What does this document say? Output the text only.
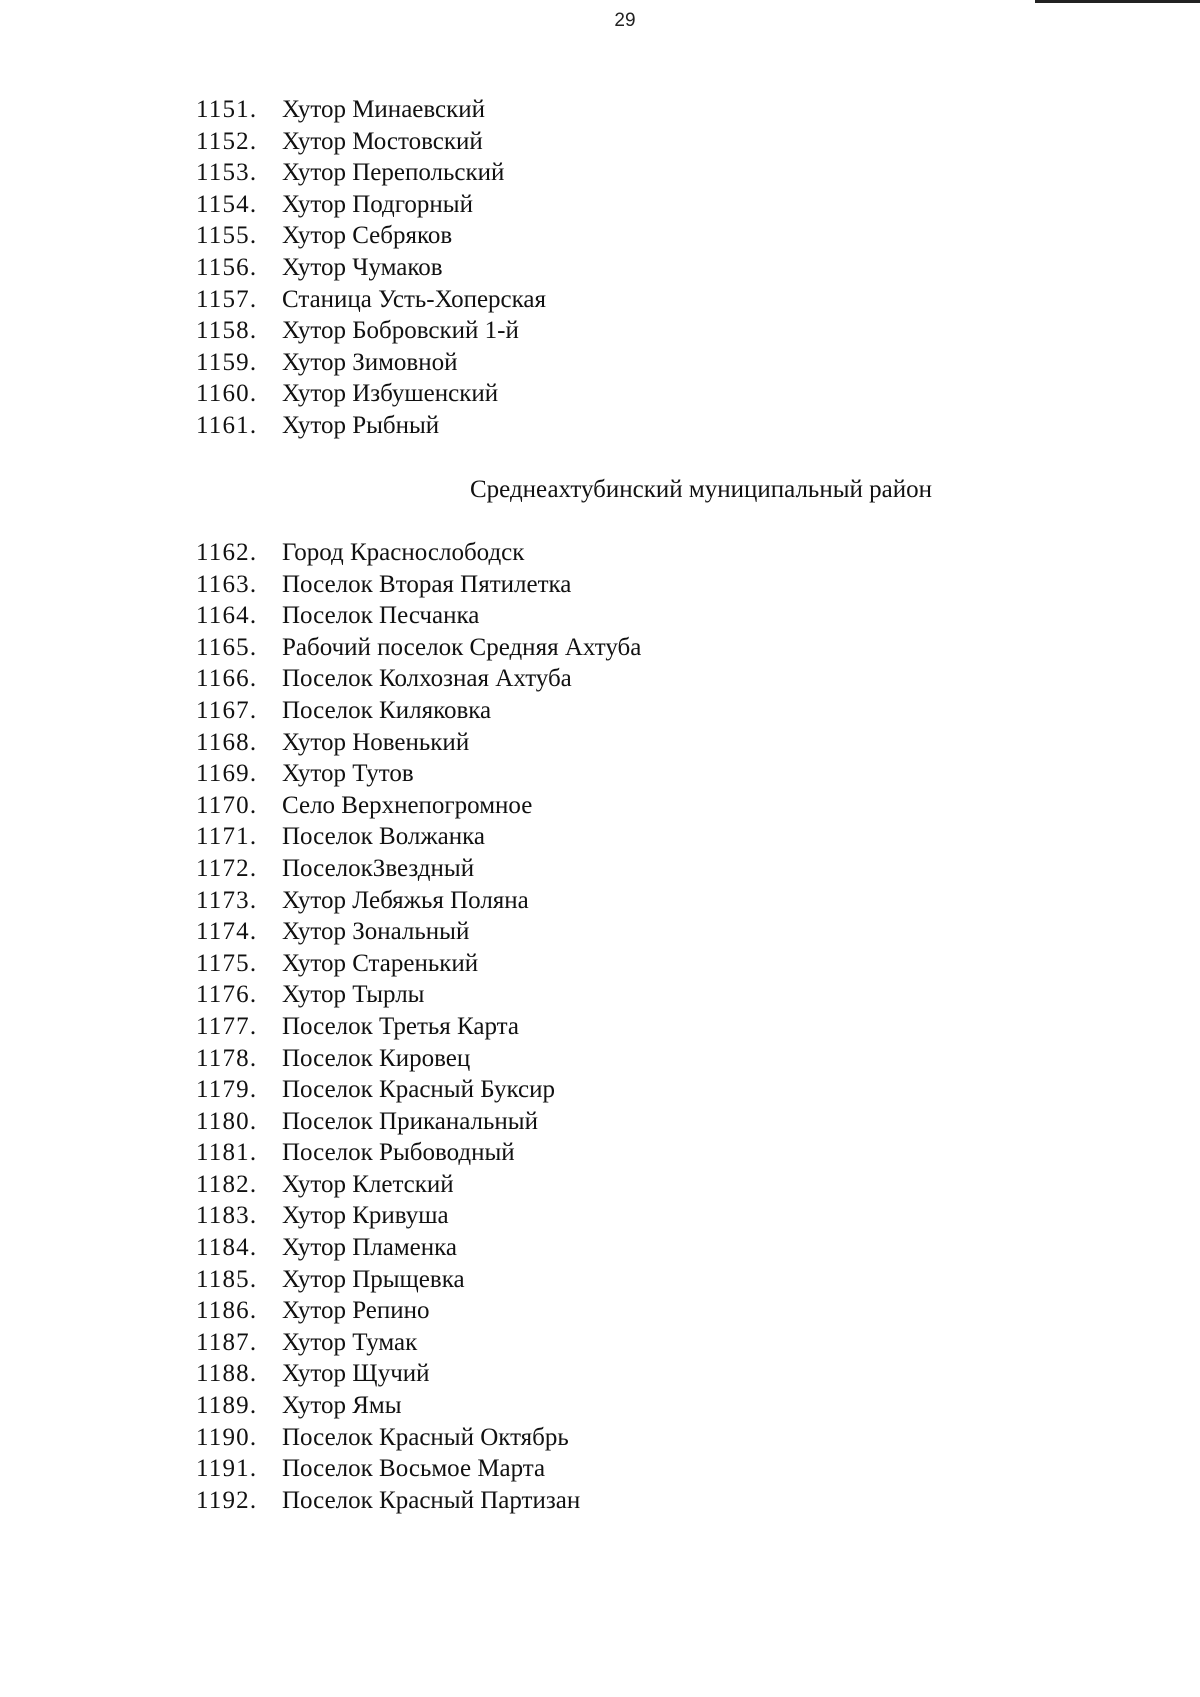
29
1151. Хутор Минаевский
1152. Хутор Мостовский
1153. Хутор Перепольский
1154. Хутор Подгорный
1155. Хутор Себряков
1156. Хутор Чумаков
1157. Станица Усть-Хоперская
1158. Хутор Бобровский 1-й
1159. Хутор Зимовной
1160. Хутор Избушенский
1161. Хутор Рыбный
Среднеахтубинский муниципальный район
1162. Город Краснослободск
1163. Поселок Вторая Пятилетка
1164. Поселок Песчанка
1165. Рабочий поселок Средняя Ахтуба
1166. Поселок Колхозная Ахтуба
1167. Поселок Киляковка
1168. Хутор Новенький
1169. Хутор Тутов
1170. Село Верхнепогромное
1171. Поселок Волжанка
1172. ПоселокЗвездный
1173. Хутор Лебяжья Поляна
1174. Хутор Зональный
1175. Хутор Старенький
1176. Хутор Тырлы
1177. Поселок Третья Карта
1178. Поселок Кировец
1179. Поселок Красный Буксир
1180. Поселок Приканальный
1181. Поселок Рыбоводный
1182. Хутор Клетский
1183. Хутор Кривуша
1184. Хутор Пламенка
1185. Хутор Прыщевка
1186. Хутор Репино
1187. Хутор Тумак
1188. Хутор Щучий
1189. Хутор Ямы
1190. Поселок Красный Октябрь
1191. Поселок Восьмое Марта
1192. Поселок Красный Партизан
